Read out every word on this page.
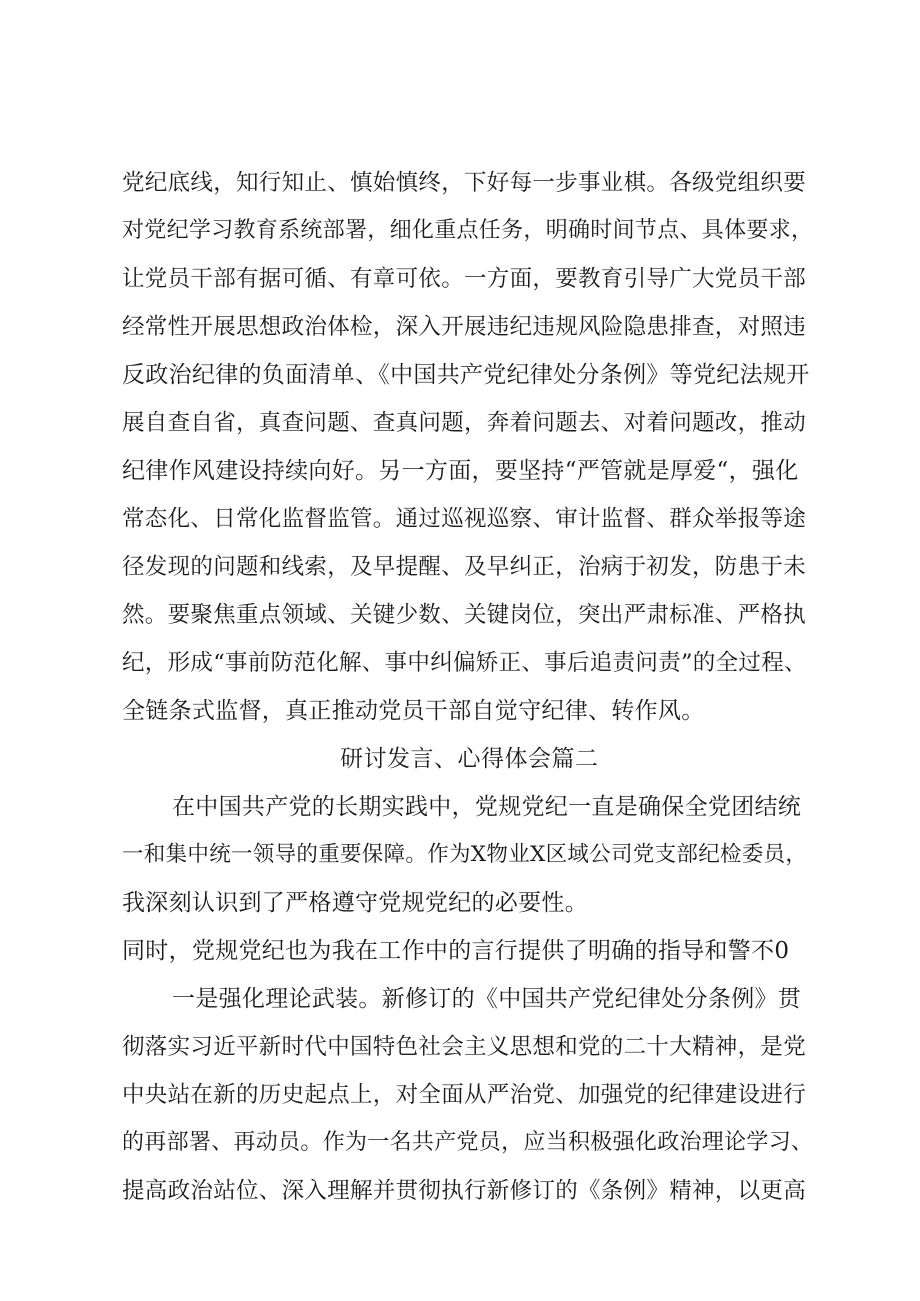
党纪底线，知行知止、慎始慎终，下好每一步事业棋。各级党组织要
对党纪学习教育系统部署，细化重点任务，明确时间节点、具体要求，
让党员干部有据可循、有章可依。一方面，要教育引导广大党员干部
经常性开展思想政治体检，深入开展违纪违规风险隐患排查，对照违
反政治纪律的负面清单、《中国共产党纪律处分条例》等党纪法规开
展自查自省，真查问题、查真问题，奔着问题去、对着问题改，推动
纪律作风建设持续向好。另一方面，要坚持“严管就是厚爱“，强化
常态化、日常化监督监管。通过巡视巡察、审计监督、群众举报等途
径发现的问题和线索，及早提醒、及早纠正，治病于初发，防患于未
然。要聚焦重点领域、关键少数、关键岗位，突出严肃标准、严格执
纪，形成“事前防范化解、事中纠偏矫正、事后追责问责”的全过程、
全链条式监督，真正推动党员干部自觉守纪律、转作风。
研讨发言、心得体会篇二
在中国共产党的长期实践中，党规党纪一直是确保全党团结统
一和集中统一领导的重要保障。作为X物业X区域公司党支部纪检委员，
我深刻认识到了严格遵守党规党纪的必要性。
同时，党规党纪也为我在工作中的言行提供了明确的指导和警不0
一是强化理论武装。新修订的《中国共产党纪律处分条例》贯
彻落实习近平新时代中国特色社会主义思想和党的二十大精神，是党
中央站在新的历史起点上，对全面从严治党、加强党的纪律建设进行
的再部署、再动员。作为一名共产党员，应当积极强化政治理论学习、
提高政治站位、深入理解并贯彻执行新修订的《条例》精神，以更高
